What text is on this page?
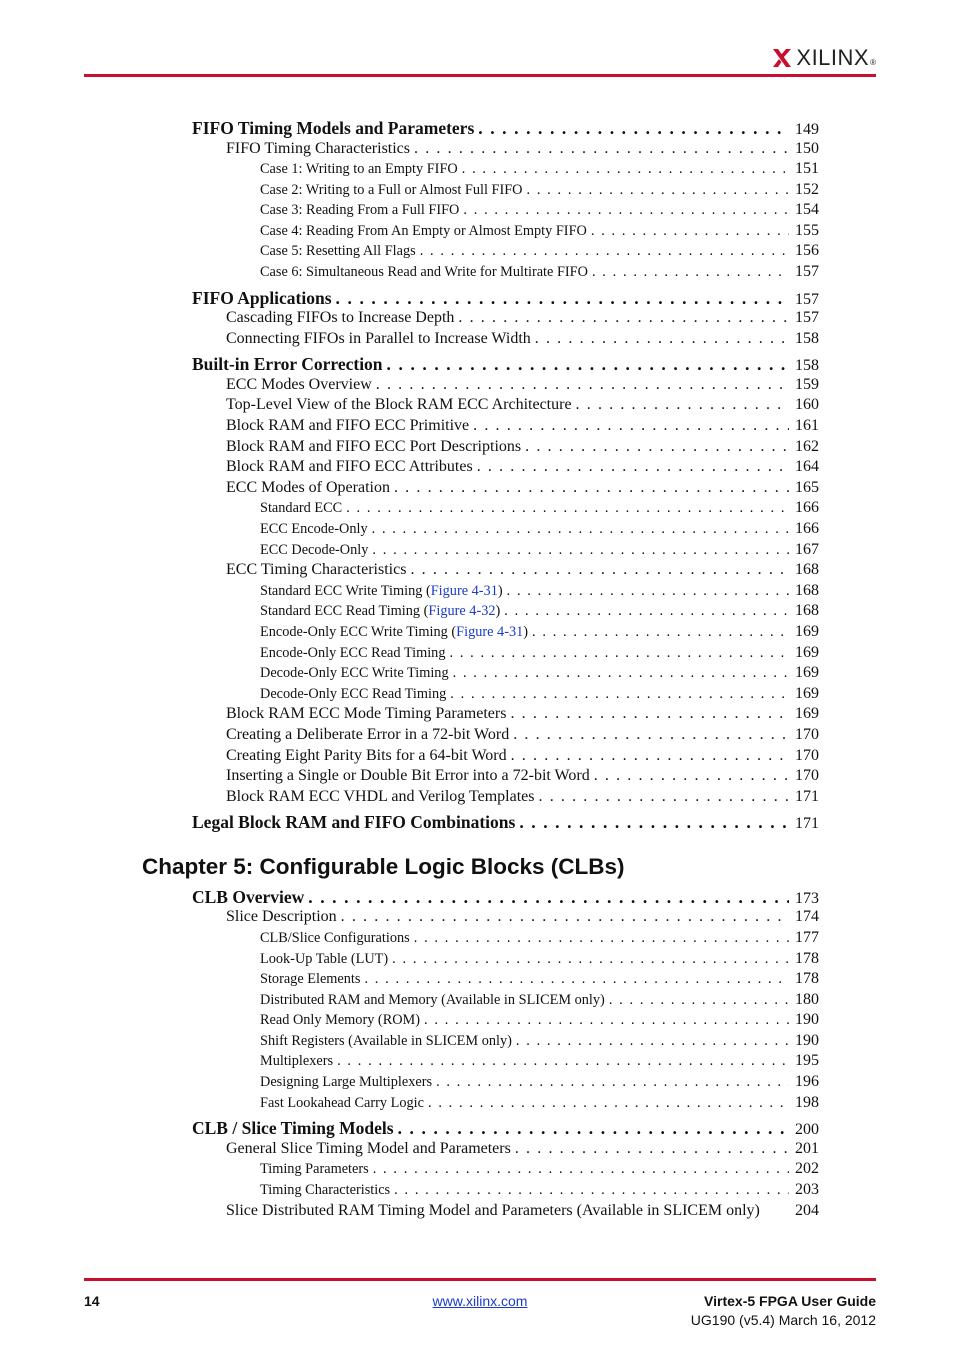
XILINX ®
FIFO Timing Models and Parameters . . .	149
FIFO Timing Characteristics . . .	150
Case 1: Writing to an Empty FIFO . . .	151
Case 2: Writing to a Full or Almost Full FIFO . . .	152
Case 3: Reading From a Full FIFO . . .	154
Case 4: Reading From An Empty or Almost Empty FIFO . . .	155
Case 5: Resetting All Flags . . .	156
Case 6: Simultaneous Read and Write for Multirate FIFO . . .	157
FIFO Applications . . .	157
Cascading FIFOs to Increase Depth . . .	157
Connecting FIFOs in Parallel to Increase Width . . .	158
Built-in Error Correction . . .	158
ECC Modes Overview . . .	159
Top-Level View of the Block RAM ECC Architecture . . .	160
Block RAM and FIFO ECC Primitive . . .	161
Block RAM and FIFO ECC Port Descriptions . . .	162
Block RAM and FIFO ECC Attributes . . .	164
ECC Modes of Operation . . .	165
Standard ECC . . .	166
ECC Encode-Only . . .	166
ECC Decode-Only . . .	167
ECC Timing Characteristics . . .	168
Standard ECC Write Timing (Figure 4-31) . . .	168
Standard ECC Read Timing (Figure 4-32) . . .	168
Encode-Only ECC Write Timing (Figure 4-31) . . .	169
Encode-Only ECC Read Timing . . .	169
Decode-Only ECC Write Timing . . .	169
Decode-Only ECC Read Timing . . .	169
Block RAM ECC Mode Timing Parameters . . .	169
Creating a Deliberate Error in a 72-bit Word . . .	170
Creating Eight Parity Bits for a 64-bit Word . . .	170
Inserting a Single or Double Bit Error into a 72-bit Word . . .	170
Block RAM ECC VHDL and Verilog Templates . . .	171
Legal Block RAM and FIFO Combinations . . .	171
Chapter 5: Configurable Logic Blocks (CLBs)
CLB Overview . . .	173
Slice Description . . .	174
CLB/Slice Configurations . . .	177
Look-Up Table (LUT) . . .	178
Storage Elements . . .	178
Distributed RAM and Memory (Available in SLICEM only) . . .	180
Read Only Memory (ROM) . . .	190
Shift Registers (Available in SLICEM only) . . .	190
Multiplexers . . .	195
Designing Large Multiplexers . . .	196
Fast Lookahead Carry Logic . . .	198
CLB / Slice Timing Models . . .	200
General Slice Timing Model and Parameters . . .	201
Timing Parameters . . .	202
Timing Characteristics . . .	203
Slice Distributed RAM Timing Model and Parameters (Available in SLICEM only) 204
14	www.xilinx.com	Virtex-5 FPGA User Guide
UG190 (v5.4) March 16, 2012
